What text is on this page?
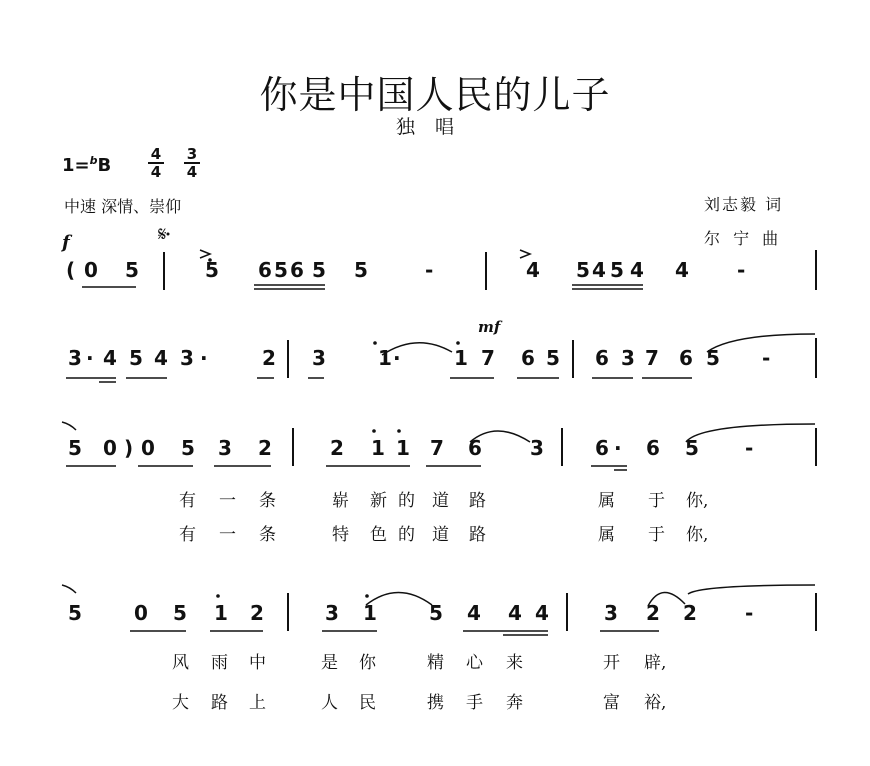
你是中国人民的儿子
独唱
$1=^bB \frac{4}{4} \frac{3}{4}$
中速 深情、崇仰	刘志毅 词
尔 宁 曲
𝄋
f
mf
( 0 5	5 6 5 6 5 5	-	4 5 4 5 4 4 -
3 · 4 5 4 3 ·	2 3	1 ·	1 7 6 5 6 3 7 6 5 -
5 0 ) 0 5 3 2	2 1 1 7 6 3	6 · 6 5 -
有 一 条	崭 新 的 道 路	属 于 你,
有 一 条	特 色 的 道 路	属 于 你,
5	0 5 1 2	3 1	5 4 4 4	3 2 2 -
风 雨 中	是 你	精 心 来	开 辟,
大 路 上	人 民	携 手 奔	富 裕,
